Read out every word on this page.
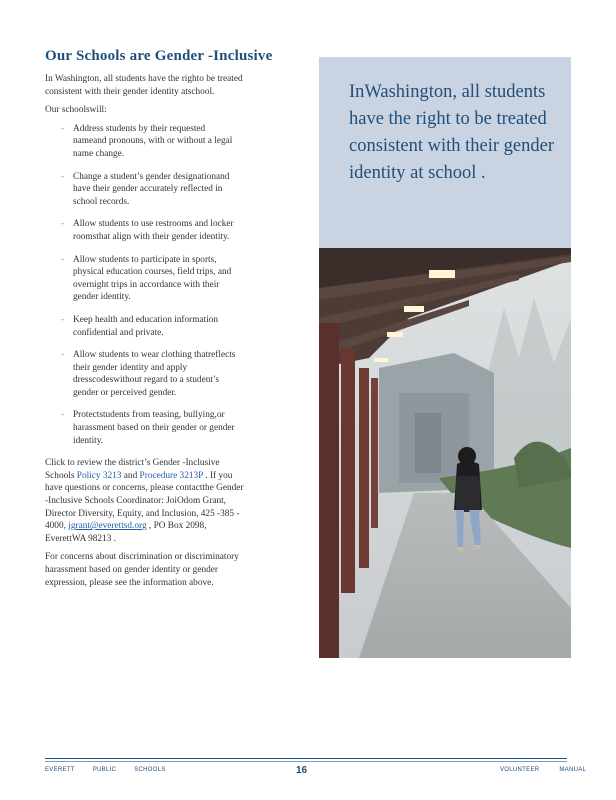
Our Schools are Gender -Inclusive

In Washington, all students have the righto be treated consistent with their gender identity atschool.

Our schoolswill:

- Address students by their requested nameand pronouns, with or without a legal name change.
- Change a student’s gender designationand have their gender accurately reflected in school records.
- Allow students to use restrooms and locker roomsthat align with their gender identity.
- Allow students to participate in sports, physical education courses, field trips, and overnight trips in accordance with their gender identity.
- Keep health and education information confidential and private.
- Allow students to wear clothing thatreflects their gender identity and apply dresscodeswithout regard to a student’s gender or perceived gender.
- Protectstudents from teasing, bullying,or harassment based on their gender or gender identity.

Click to review the district’s Gender -Inclusive Schools Policy 3213 and Procedure 3213P . If you have questions or concerns, please contactthe Gender -Inclusive Schools Coordinator: JoiOdom Grant, Director Diversity, Equity, and Inclusion, 425 -385 - 4000, jgrant@everettsd.org , PO Box 2098, EverettWA 98213 .

For concerns about discrimination or discriminatory harassment based on gender identity or gender expression, please see the information above.

InWashington, all students have the right to be treated consistent with their gender identity at school .

EVERETT	PUBLIC	SCHOOLS	16	VOLUNTEER	MANUAL
